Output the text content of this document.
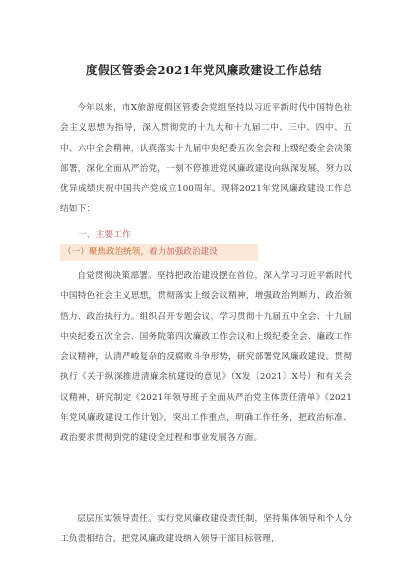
度假区管委会2021年党风廉政建设工作总结

今年以来，市X旅游度假区管委会党组坚持以习近平新时代中国特色社会主义思想为指导，深入贯彻党的十九大和十九届二中、三中、四中、五中、六中全会精神，认真落实十九届中央纪委五次全会和上级纪委全会决策部署，深化全面从严治党，一刻不停推进党风廉政建设向纵深发展，努力以优异成绩庆祝中国共产党成立100周年。现将2021年党风廉政建设工作总结如下：

一、主要工作
（一）聚焦政治统领，着力加强政治建设

自觉贯彻决策部署。坚持把政治建设摆在首位，深入学习习近平新时代中国特色社会主义思想，贯彻落实上级会议精神，增强政治判断力、政治领悟力、政治执行力。组织召开专题会议，学习贯彻十九届五中全会、十九届中央纪委五次全会、国务院第四次廉政工作会议和上级纪委全会、廉政工作会议精神，认清严峻复杂的反腐败斗争形势，研究部署党风廉政建设。贯彻执行《关于纵深推进清廉余杭建设的意见》（X发〔2021〕X号）和有关会议精神，研究制定《2021年领导班子全面从严治党主体责任清单》《2021年党风廉政建设工作计划》，突出工作重点，明确工作任务，把政治标准、政治要求贯彻到党的建设全过程和事业发展各方面。

层层压实领导责任。实行党风廉政建设责任制，坚持集体领导和个人分工负责相结合，把党风廉政建设纳入领导干部目标管理，
